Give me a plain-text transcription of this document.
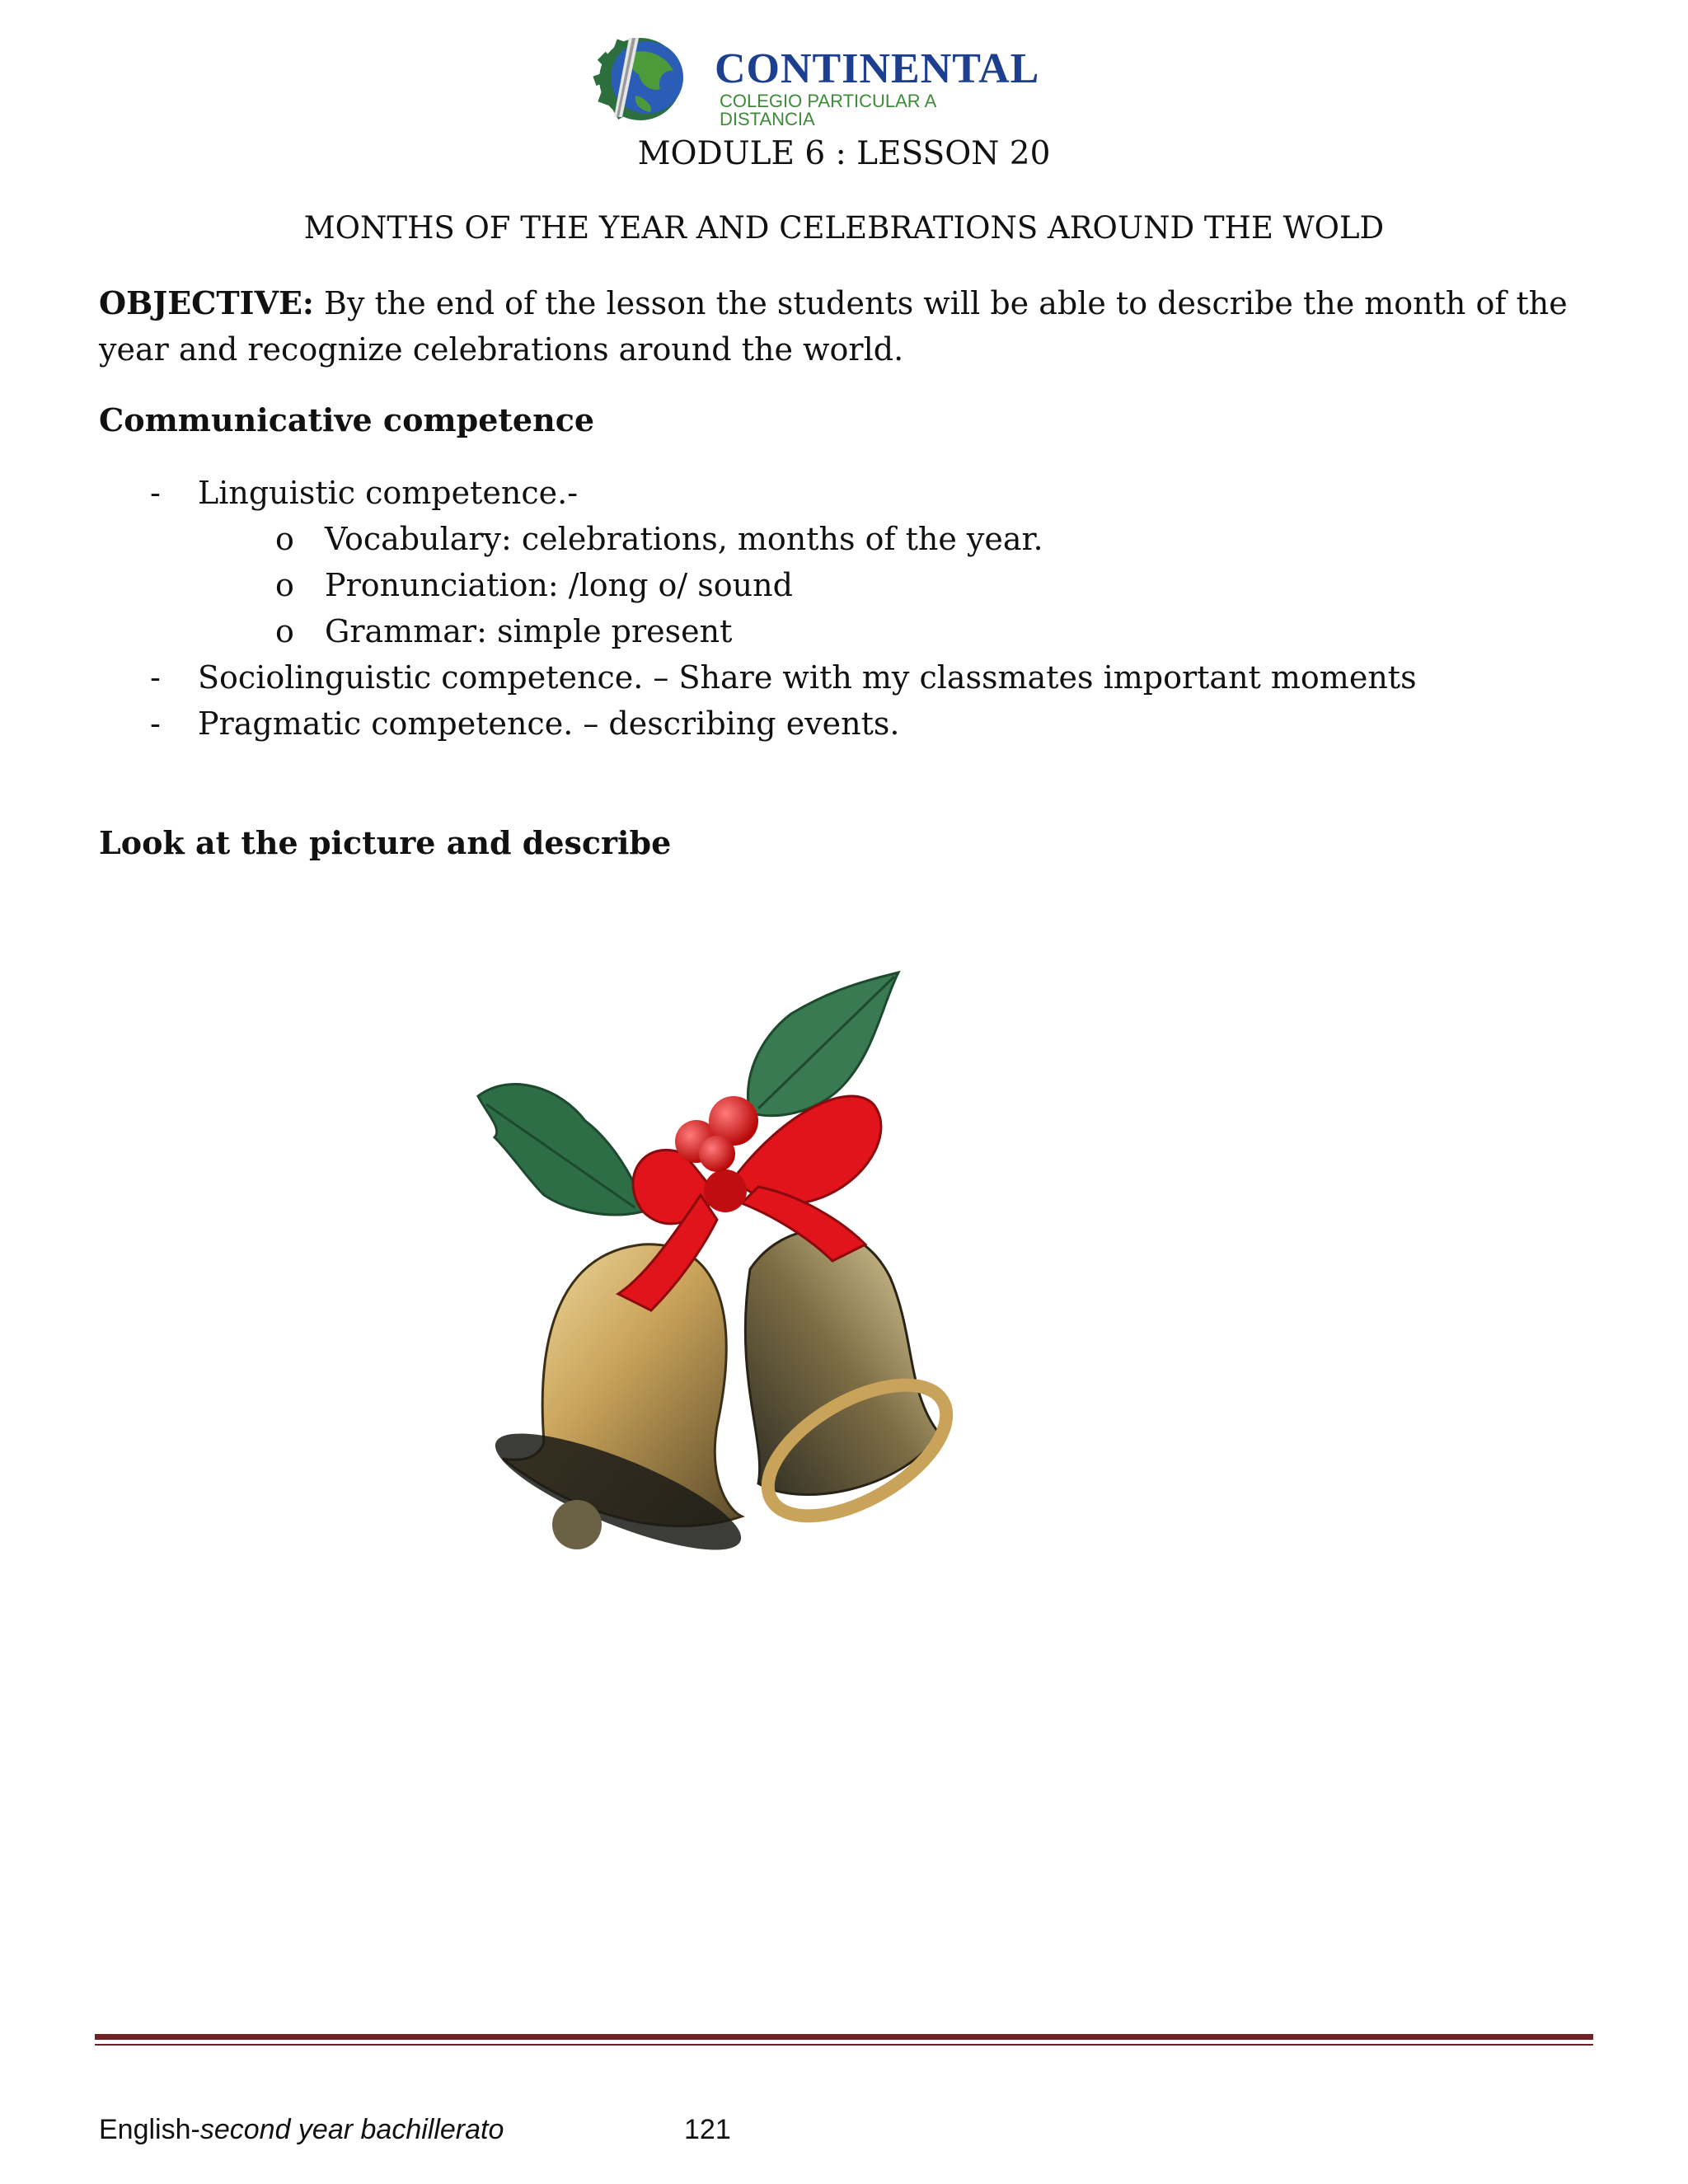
CONTINENTAL
COLEGIO PARTICULAR A DISTANCIA
MODULE 6 : LESSON 20
MONTHS OF THE YEAR AND CELEBRATIONS AROUND THE WOLD
OBJECTIVE: By the end of the lesson the students will be able to describe the month of the year and recognize celebrations around the world.
Communicative competence
-	Linguistic competence.-
o Vocabulary: celebrations, months of the year.
o Pronunciation: /long o/ sound
o Grammar: simple present
- Sociolinguistic competence. – Share with my classmates important moments
- Pragmatic competence. – describing events.
Look at the picture and describe
English-second year bachillerato	121
